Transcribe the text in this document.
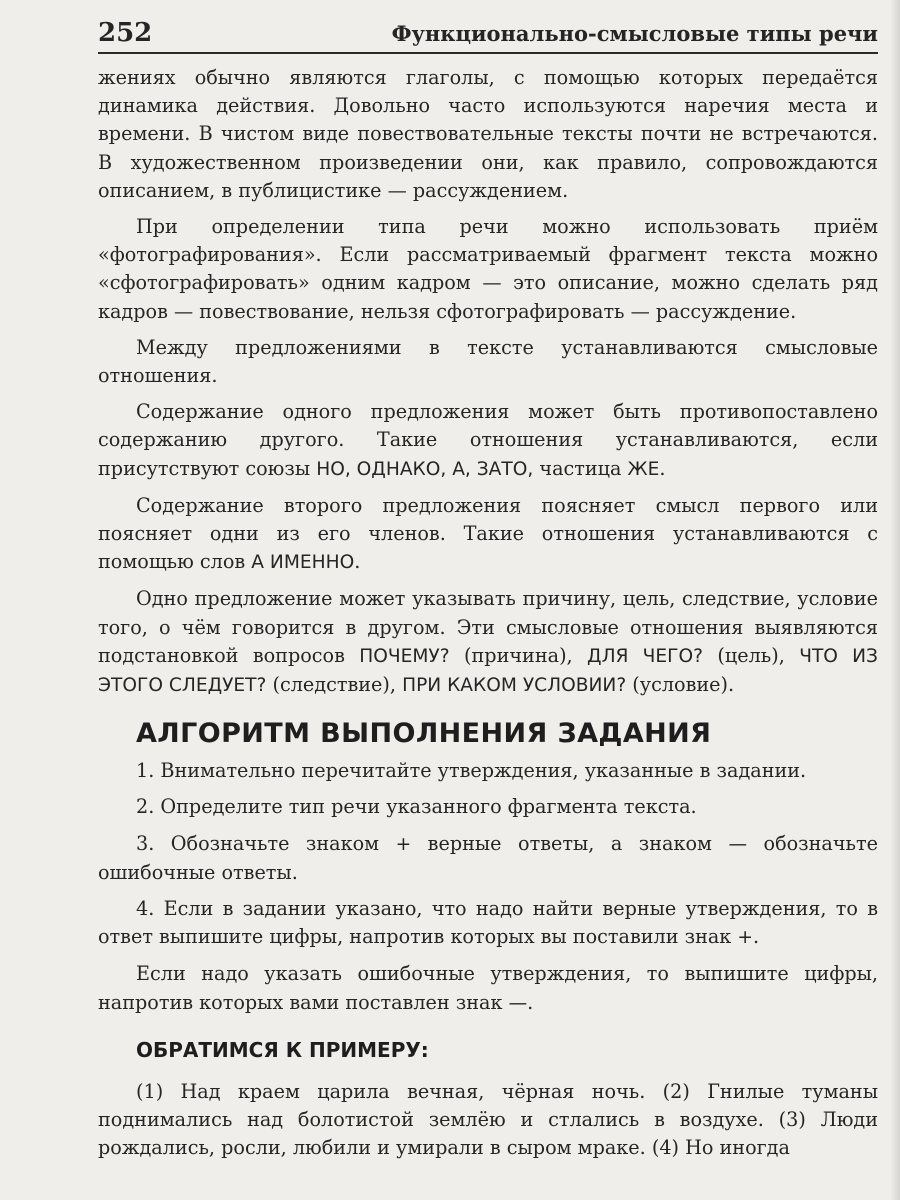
252	Функционально-смысловые типы речи

жениях обычно являются глаголы, с помощью которых передаётся динамика действия. Довольно часто используются наречия места и времени. В чистом виде повествовательные тексты почти не встречаются. В художественном произведении они, как правило, сопровождаются описанием, в публицистике — рассуждением.

При определении типа речи можно использовать приём «фотографирования». Если рассматриваемый фрагмент текста можно «сфотографировать» одним кадром — это описание, можно сделать ряд кадров — повествование, нельзя сфотографировать — рассуждение.

Между предложениями в тексте устанавливаются смысловые отношения.

Содержание одного предложения может быть противопоставлено содержанию другого. Такие отношения устанавливаются, если присутствуют союзы НО, ОДНАКО, А, ЗАТО, частица ЖЕ.

Содержание второго предложения поясняет смысл первого или поясняет одни из его членов. Такие отношения устанавливаются с помощью слов А ИМЕННО.

Одно предложение может указывать причину, цель, следствие, условие того, о чём говорится в другом. Эти смысловые отношения выявляются подстановкой вопросов ПОЧЕМУ? (причина), ДЛЯ ЧЕГО? (цель), ЧТО ИЗ ЭТОГО СЛЕДУЕТ? (следствие), ПРИ КАКОМ УСЛОВИИ? (условие).

АЛГОРИТМ ВЫПОЛНЕНИЯ ЗАДАНИЯ

1. Внимательно перечитайте утверждения, указанные в задании.

2. Определите тип речи указанного фрагмента текста.

3. Обозначьте знаком + верные ответы, а знаком — обозначьте ошибочные ответы.

4. Если в задании указано, что надо найти верные утверждения, то в ответ выпишите цифры, напротив которых вы поставили знак +.

Если надо указать ошибочные утверждения, то выпишите цифры, напротив которых вами поставлен знак —.

ОБРАТИМСЯ К ПРИМЕРУ:

(1) Над краем царила вечная, чёрная ночь. (2) Гнилые туманы поднимались над болотистой землёю и стлались в воздухе. (3) Люди рождались, росли, любили и умирали в сыром мраке. (4) Но иногда
